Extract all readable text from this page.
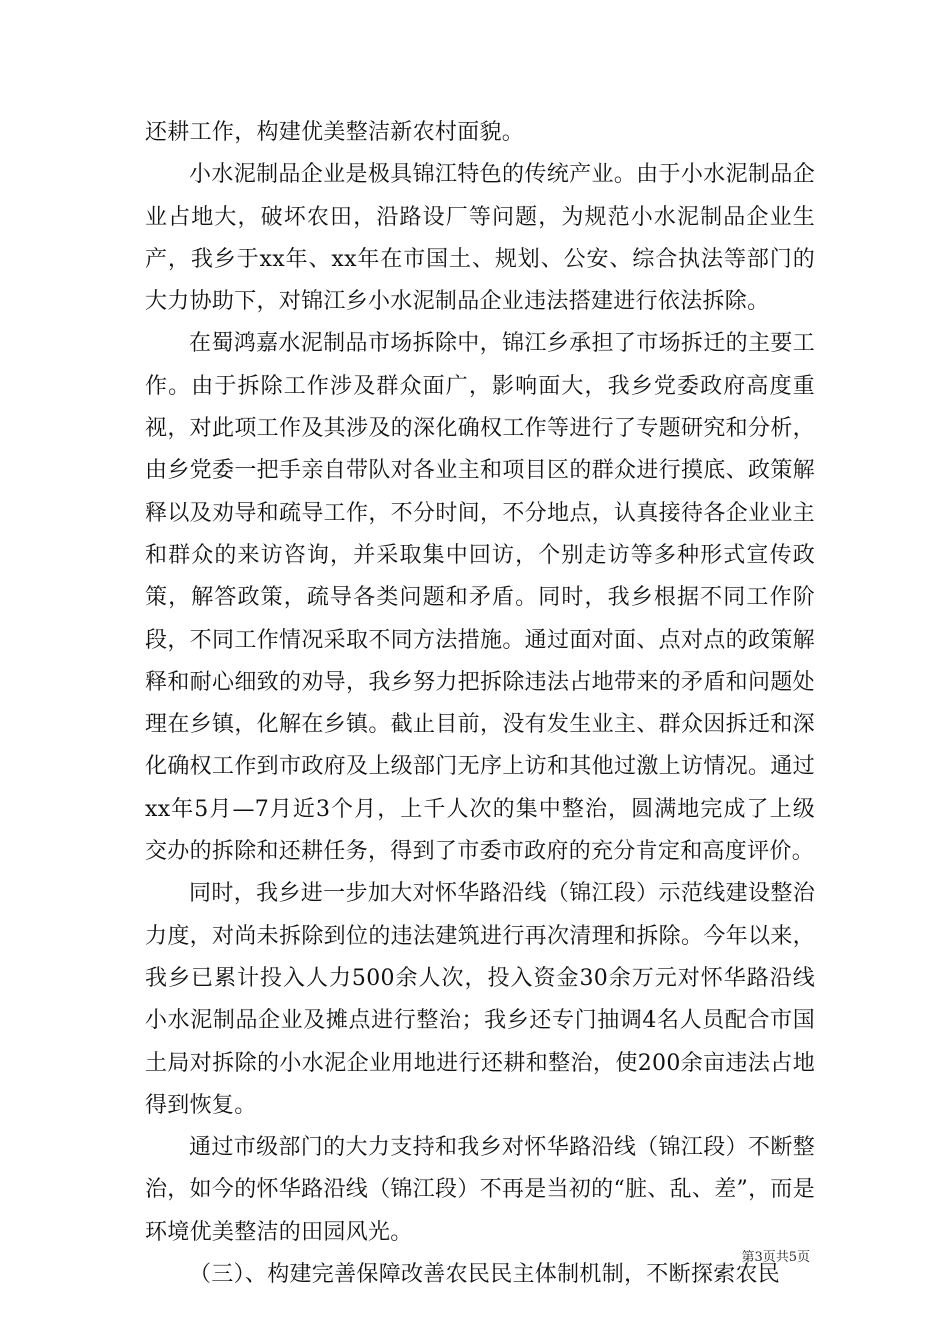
还耕工作，构建优美整洁新农村面貌。

小水泥制品企业是极具锦江特色的传统产业。由于小水泥制品企业占地大，破坏农田，沿路设厂等问题，为规范小水泥制品企业生产，我乡于xx年、xx年在市国土、规划、公安、综合执法等部门的大力协助下，对锦江乡小水泥制品企业违法搭建进行依法拆除。

在蜀鸿嘉水泥制品市场拆除中，锦江乡承担了市场拆迁的主要工作。由于拆除工作涉及群众面广，影响面大，我乡党委政府高度重视，对此项工作及其涉及的深化确权工作等进行了专题研究和分析，由乡党委一把手亲自带队对各业主和项目区的群众进行摸底、政策解释以及劝导和疏导工作，不分时间，不分地点，认真接待各企业业主和群众的来访咨询，并采取集中回访，个别走访等多种形式宣传政策，解答政策，疏导各类问题和矛盾。同时，我乡根据不同工作阶段，不同工作情况采取不同方法措施。通过面对面、点对点的政策解释和耐心细致的劝导，我乡努力把拆除违法占地带来的矛盾和问题处理在乡镇，化解在乡镇。截止目前，没有发生业主、群众因拆迁和深化确权工作到市政府及上级部门无序上访和其他过激上访情况。通过xx年5月—7月近3个月，上千人次的集中整治，圆满地完成了上级交办的拆除和还耕任务，得到了市委市政府的充分肯定和高度评价。

同时，我乡进一步加大对怀华路沿线（锦江段）示范线建设整治力度，对尚未拆除到位的违法建筑进行再次清理和拆除。今年以来，我乡已累计投入人力500余人次，投入资金30余万元对怀华路沿线小水泥制品企业及摊点进行整治；我乡还专门抽调4名人员配合市国土局对拆除的小水泥企业用地进行还耕和整治，使200余亩违法占地得到恢复。

通过市级部门的大力支持和我乡对怀华路沿线（锦江段）不断整治，如今的怀华路沿线（锦江段）不再是当初的“脏、乱、差”，而是环境优美整洁的田园风光。

（三）、构建完善保障改善农民民主体制机制，不断探索农民

第3页共5页
